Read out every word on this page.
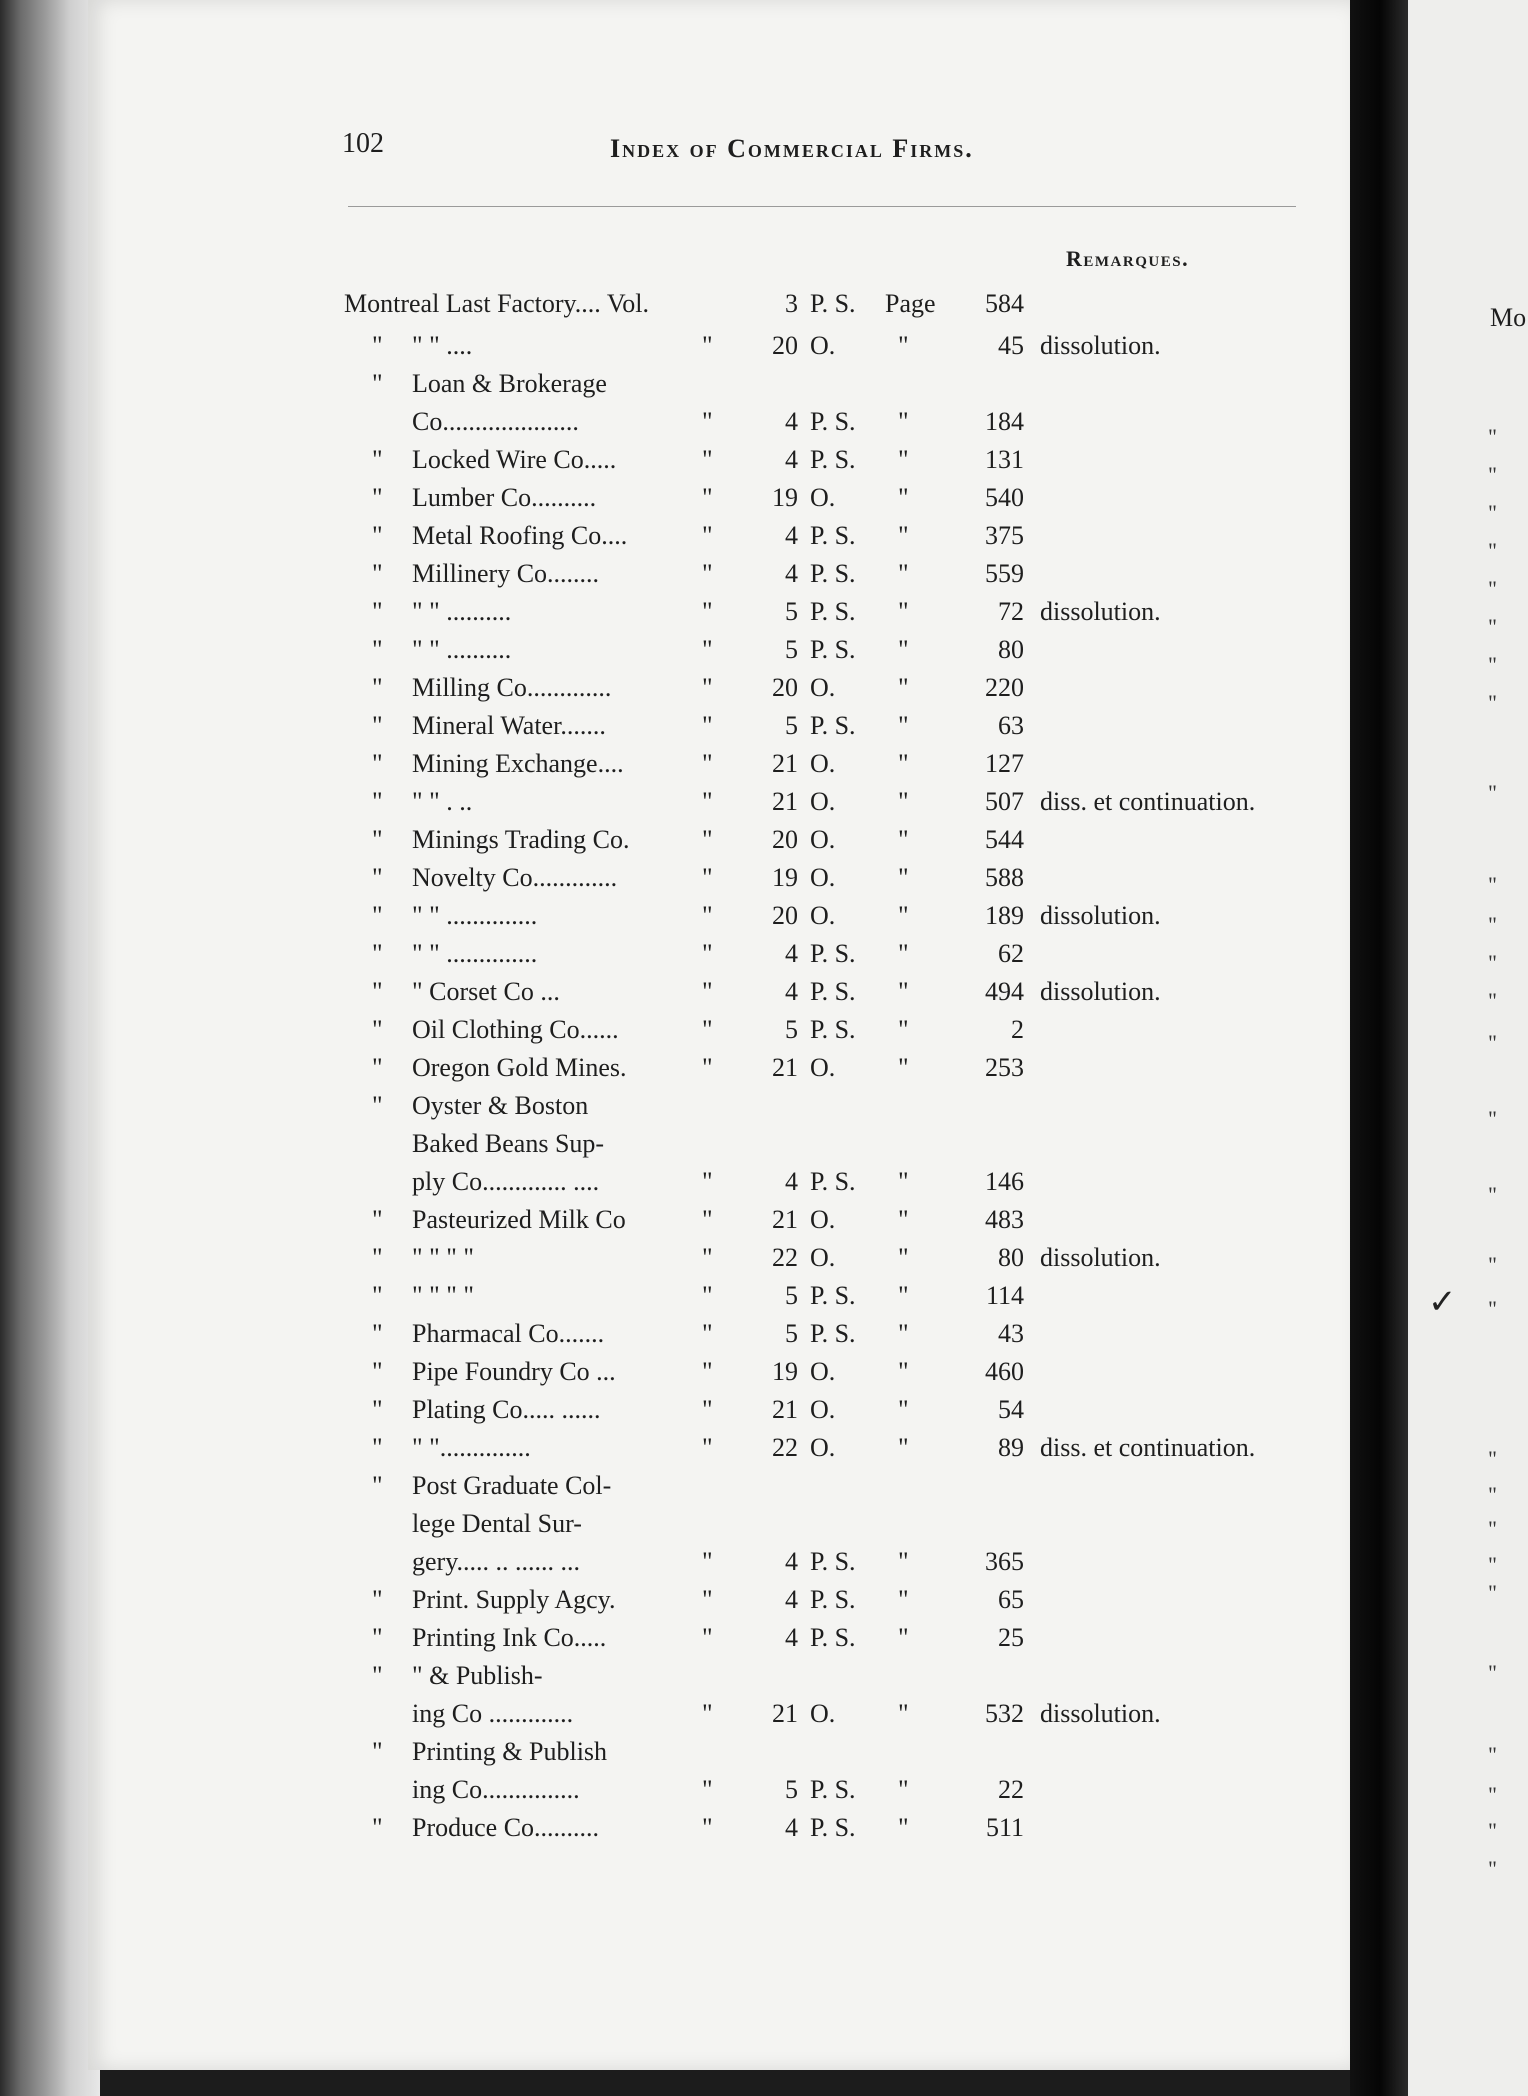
102	Index of Commercial Firms.
Remarques.
Montreal Last Factory.... Vol.	3 P. S. Page	584
" " " ....	"	20 O. "	45 dissolution.
" Loan & Brokerage
Co.....................	"	4 P. S. "	184
" Locked Wire Co.....	"	4 P. S. "	131
" Lumber Co..........	"	19 O. "	540
" Metal Roofing Co....	"	4 P. S. "	375
" Millinery Co........	"	4 P. S. "	559
" " " ..........	"	5 P. S. "	72 dissolution.
" " " ..........	"	5 P. S. "	80
" Milling Co.............	"	20 O. "	220
" Mineral Water.......	"	5 P. S. "	63
" Mining Exchange....	"	21 O. "	127
" " " . ..	"	21 O. "	507 diss. et continuation.
" Minings Trading Co.	"	20 O. "	544
" Novelty Co.............	"	19 O. "	588
" " " ..............	"	20 O. "	189 dissolution.
" " " ..............	"	4 P. S. "	62
" " Corset Co ...	"	4 P. S. "	494 dissolution.
" Oil Clothing Co......	"	5 P. S. "	2
" Oregon Gold Mines.	"	21 O. "	253
" Oyster & Boston
Baked Beans Sup-
ply Co............. ....	"	4 P. S. "	146
" Pasteurized Milk Co	"	21 O. "	483
" " " " "	"	22 O. "	80 dissolution.
" " " " "	"	5 P. S. "	114
" Pharmacal Co.......	"	5 P. S. "	43
" Pipe Foundry Co ...	"	19 O. "	460
" Plating Co..... ......	"	21 O. "	54
" " "..............	"	22 O. "	89 diss. et continuation.
" Post Graduate Col-
lege Dental Sur-
gery..... .. ...... ...	"	4 P. S. "	365
" Print. Supply Agcy.	"	4 P. S. "	65
" Printing Ink Co.....	"	4 P. S. "	25
" " & Publish-
ing Co .............	"	21 O. "	532 dissolution.
" Printing & Publish
ing Co...............	"	5 P. S. "	22
" Produce Co..........	"	4 P. S. "	511
Mo
✓
"
"
"
"
"
"
"
"
"
"
"
"
"
"
"
"
"
"
"
"
"
"
"
"
"
"
"
"
